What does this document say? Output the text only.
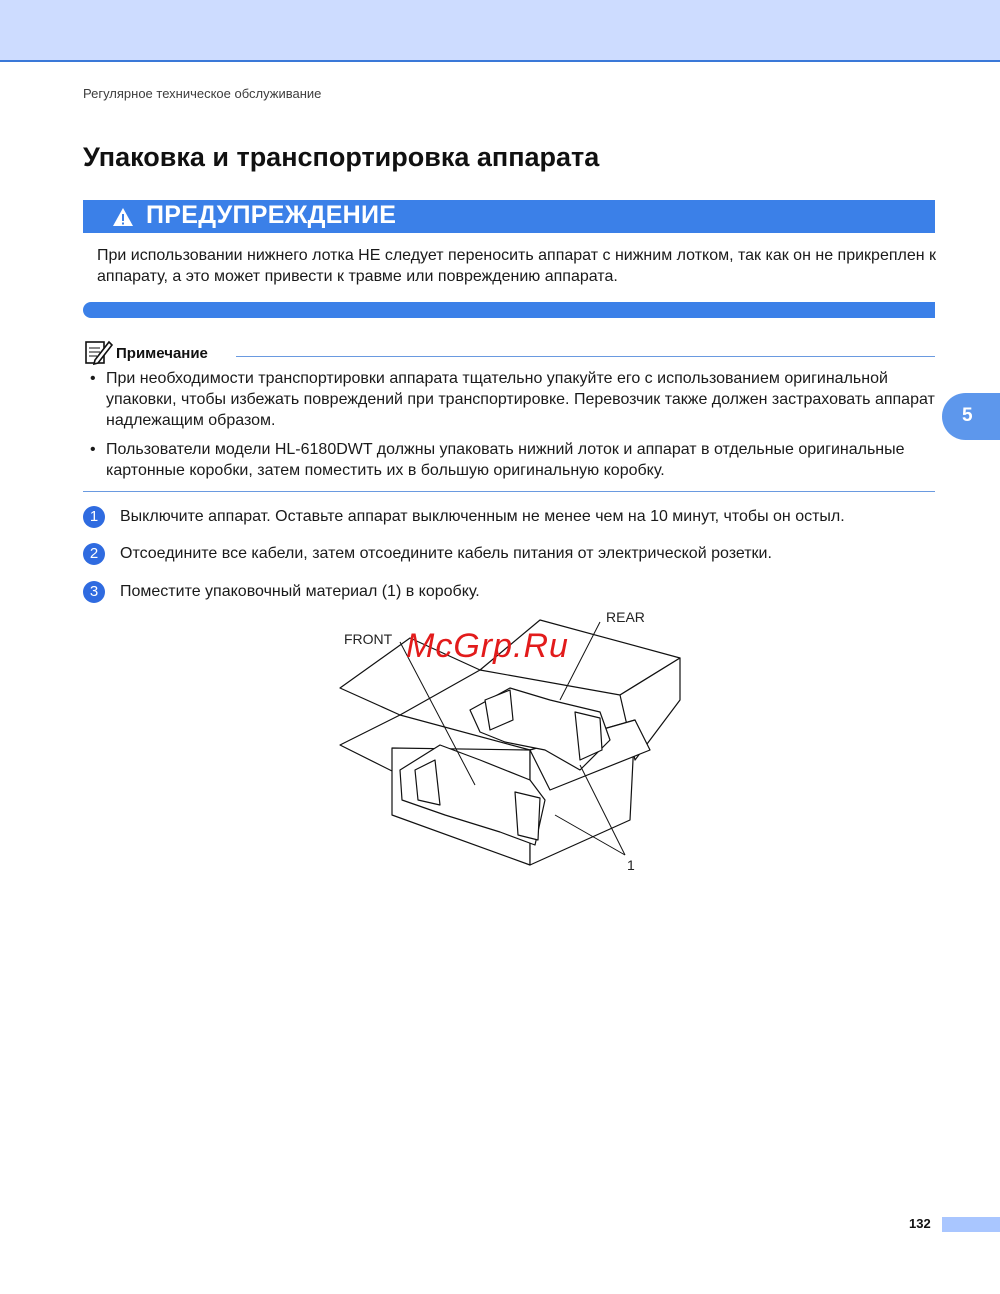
Регулярное техническое обслуживание
Упаковка и транспортировка аппарата
ПРЕДУПРЕЖДЕНИЕ
При использовании нижнего лотка НЕ следует переносить аппарат с нижним лотком, так как он не прикреплен к аппарату, а это может привести к травме или повреждению аппарата.
Примечание
• При необходимости транспортировки аппарата тщательно упакуйте его с использованием оригинальной упаковки, чтобы избежать повреждений при транспортировке. Перевозчик также должен застраховать аппарат надлежащим образом.
• Пользователи модели HL-6180DWT должны упаковать нижний лоток и аппарат в отдельные оригинальные картонные коробки, затем поместить их в большую оригинальную коробку.
1	Выключите аппарат. Оставьте аппарат выключенным не менее чем на 10 минут, чтобы он остыл.
2	Отсоедините все кабели, затем отсоедините кабель питания от электрической розетки.
3	Поместите упаковочный материал (1) в коробку.
FRONT
REAR
1
McGrp.Ru
5
132
